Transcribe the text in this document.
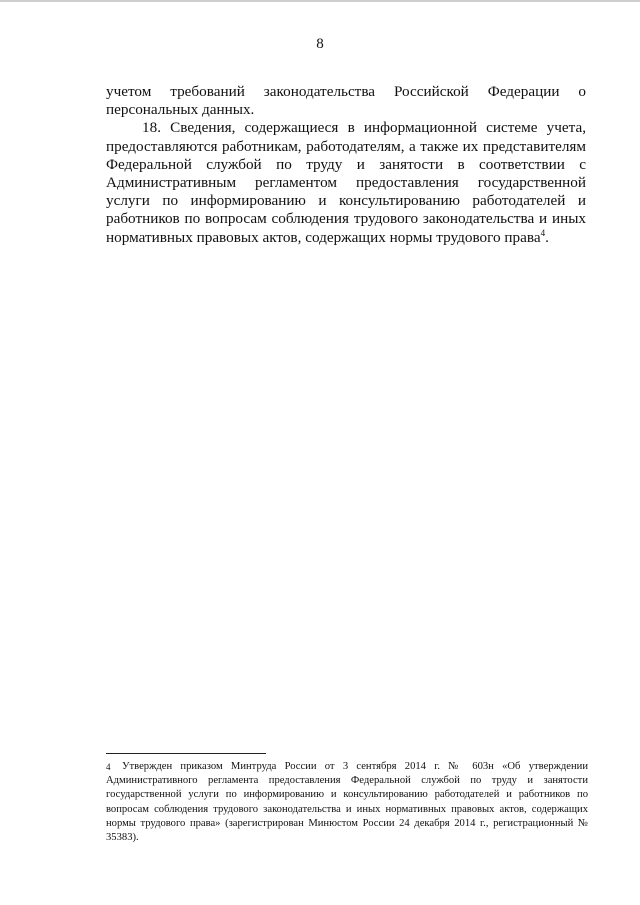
8

учетом требований законодательства Российской Федерации о персональных данных.

18. Сведения, содержащиеся в информационной системе учета, предоставляются работникам, работодателям, а также их представителям Федеральной службой по труду и занятости в соответствии с Административным регламентом предоставления государственной услуги по информированию и консультированию работодателей и работников по вопросам соблюдения трудового законодательства и иных нормативных правовых актов, содержащих нормы трудового права$^4$.

4 Утвержден приказом Минтруда России от 3 сентября 2014 г. № 603н «Об утверждении Административного регламента предоставления Федеральной службой по труду и занятости государственной услуги по информированию и консультированию работодателей и работников по вопросам соблюдения трудового законодательства и иных нормативных правовых актов, содержащих нормы трудового права» (зарегистрирован Минюстом России 24 декабря 2014 г., регистрационный № 35383).
